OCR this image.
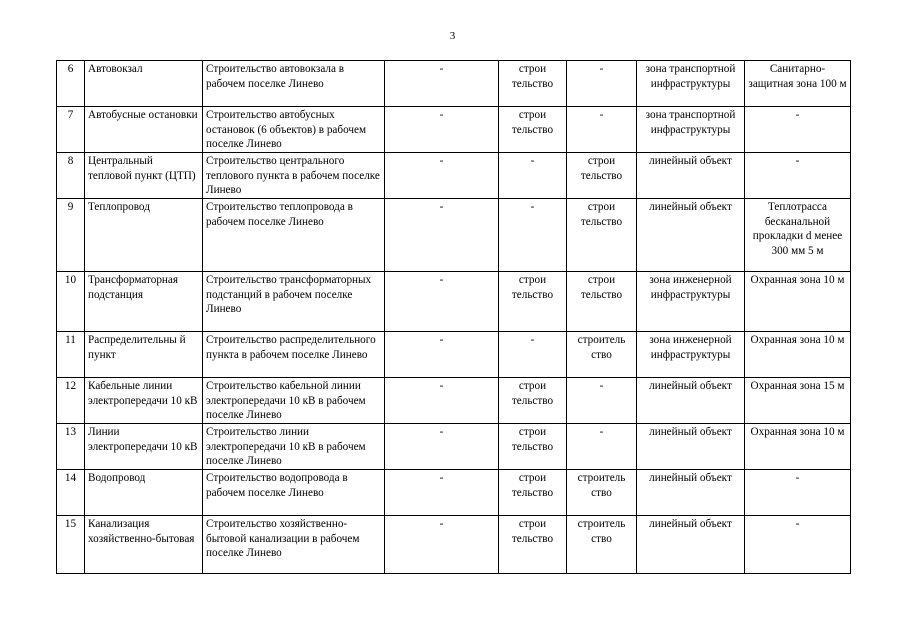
3
6	Автовокзал	Строительство автовокзала в рабочем поселке Линево	-	строи тельство	-	зона транспортной инфраструктуры	Санитарно-защитная зона 100 м
7	Автобусные остановки	Строительство автобусных остановок (6 объектов) в рабочем поселке Линево	-	строи тельство	-	зона транспортной инфраструктуры	-
8	Центральный тепловой пункт (ЦТП)	Строительство центрального теплового пункта в рабочем поселке Линево	-	-	строи тельство	линейный объект	-
9	Теплопровод	Строительство теплопровода в рабочем поселке Линево	-	-	строи тельство	линейный объект	Теплотрасса бесканальной прокладки d менее 300 мм 5 м
10	Трансформаторная подстанция	Строительство трансформаторных подстанций в рабочем поселке Линево	-	строи тельство	строи тельство	зона инженерной инфраструктуры	Охранная зона 10 м
11	Распределительны й пункт	Строительство распределительного пункта в рабочем поселке Линево	-	-	строитель ство	зона инженерной инфраструктуры	Охранная зона 10 м
12	Кабельные линии электропередачи 10 кВ	Строительство кабельной линии электропередачи 10 кВ в рабочем поселке Линево	-	строи тельство	-	линейный объект	Охранная зона 15 м
13	Линии электропередачи 10 кВ	Строительство линии электропередачи 10 кВ в рабочем поселке Линево	-	строи тельство	-	линейный объект	Охранная зона 10 м
14	Водопровод	Строительство водопровода в рабочем поселке Линево	-	строи тельство	строитель ство	линейный объект	-
15	Канализация хозяйственно-бытовая	Строительство хозяйственно-бытовой канализации в рабочем поселке Линево	-	строи тельство	строитель ство	линейный объект	-
